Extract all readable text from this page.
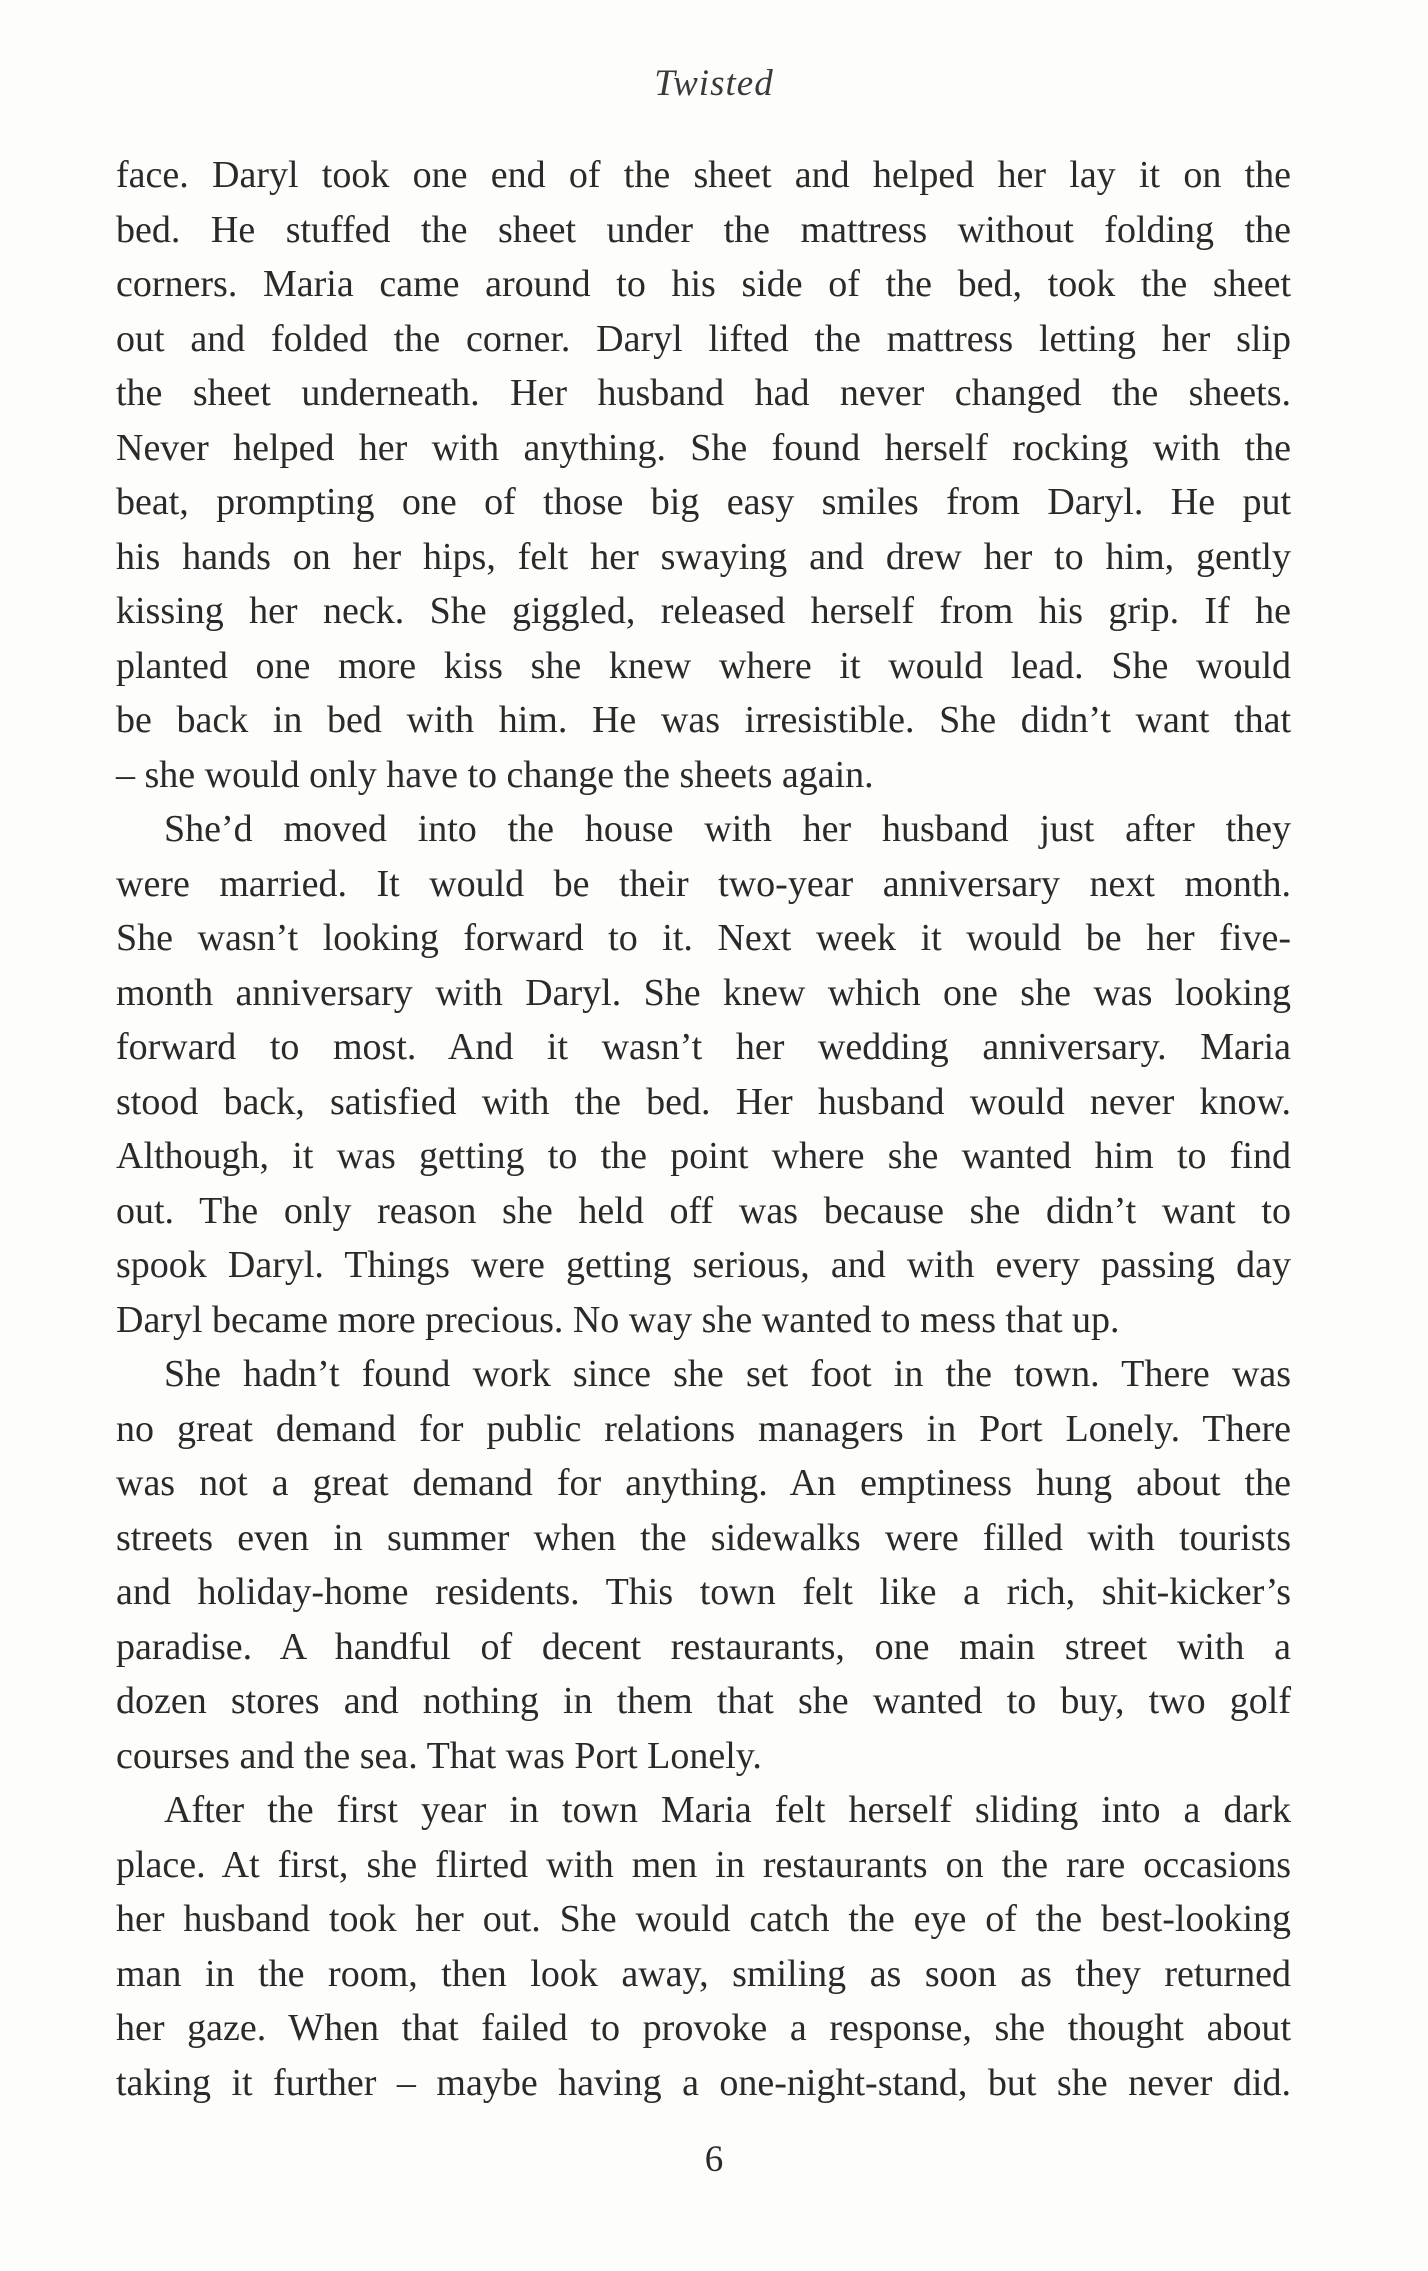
Twisted
face. Daryl took one end of the sheet and helped her lay it on the
bed. He stuffed the sheet under the mattress without folding the
corners. Maria came around to his side of the bed, took the sheet
out and folded the corner. Daryl lifted the mattress letting her slip
the sheet underneath. Her husband had never changed the sheets.
Never helped her with anything. She found herself rocking with the
beat, prompting one of those big easy smiles from Daryl. He put
his hands on her hips, felt her swaying and drew her to him, gently
kissing her neck. She giggled, released herself from his grip. If he
planted one more kiss she knew where it would lead. She would
be back in bed with him. He was irresistible. She didn’t want that
– she would only have to change the sheets again.
She’d moved into the house with her husband just after they
were married. It would be their two-year anniversary next month.
She wasn’t looking forward to it. Next week it would be her five-
month anniversary with Daryl. She knew which one she was looking
forward to most. And it wasn’t her wedding anniversary. Maria
stood back, satisfied with the bed. Her husband would never know.
Although, it was getting to the point where she wanted him to find
out. The only reason she held off was because she didn’t want to
spook Daryl. Things were getting serious, and with every passing day
Daryl became more precious. No way she wanted to mess that up.
She hadn’t found work since she set foot in the town. There was
no great demand for public relations managers in Port Lonely. There
was not a great demand for anything. An emptiness hung about the
streets even in summer when the sidewalks were filled with tourists
and holiday-home residents. This town felt like a rich, shit-kicker’s
paradise. A handful of decent restaurants, one main street with a
dozen stores and nothing in them that she wanted to buy, two golf
courses and the sea. That was Port Lonely.
After the first year in town Maria felt herself sliding into a dark
place. At first, she flirted with men in restaurants on the rare occasions
her husband took her out. She would catch the eye of the best-looking
man in the room, then look away, smiling as soon as they returned
her gaze. When that failed to provoke a response, she thought about
taking it further – maybe having a one-night-stand, but she never did.
6
